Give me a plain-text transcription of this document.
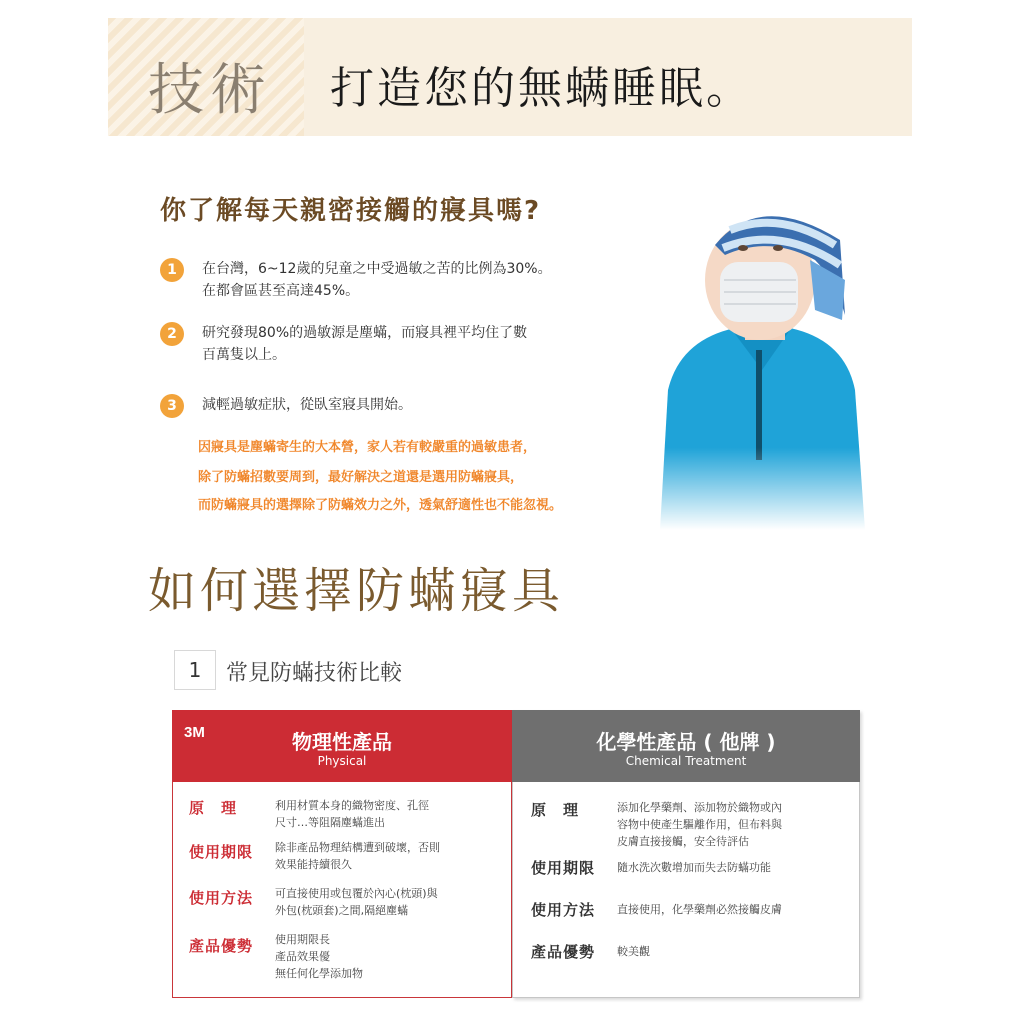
技術 打造您的無螨睡眠。
你了解每天親密接觸的寢具嗎?
1	在台灣，6~12歲的兒童之中受過敏之苦的比例為30%。
在都會區甚至高達45%。
2	研究發現80%的過敏源是塵蟎，而寢具裡平均住了數
百萬隻以上。
3	減輕過敏症狀，從臥室寢具開始。
因寢具是塵蟎寄生的大本營，家人若有較嚴重的過敏患者，
除了防蟎招數要周到，最好解決之道還是選用防蟎寢具，
而防蟎寢具的選擇除了防蟎效力之外，透氣舒適性也不能忽視。
如何選擇防蟎寢具
1	常見防蟎技術比較
3M	物理性產品
Physical
原　理	利用材質本身的織物密度、孔徑
尺寸…等阻隔塵蟎進出
使用期限 除非產品物理結構遭到破壞，否則
效果能持續很久
使用方法 可直接使用或包覆於內心(枕頭)與
外包(枕頭套)之間,隔絕塵蟎
產品優勢 使用期限長
產品效果優
無任何化學添加物
化學性產品 ( 他牌 )
Chemical Treatment
原　理	添加化學藥劑、添加物於織物或內
容物中使產生驅離作用，但布料與
皮膚直接接觸，安全待評估
使用期限 隨水洗次數增加而失去防蟎功能
使用方法 直接使用，化學藥劑必然接觸皮膚
產品優勢 較美觀
